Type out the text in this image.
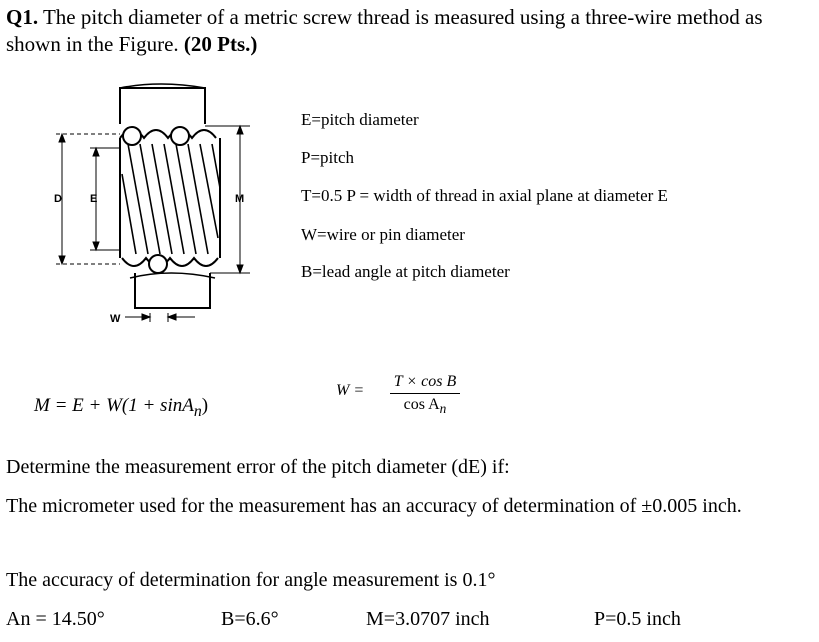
Q1. The pitch diameter of a metric screw thread is measured using a three-wire method as shown in the Figure. (20 Pts.)
D	E	M
W
E=pitch diameter
P=pitch
T=0.5 P = width of thread in axial plane at diameter E
W=wire or pin diameter
B=lead angle at pitch diameter
M = E + W(1 + sinA$_n$)
W =
T × cos B
$\cos A_n$
Determine the measurement error of the pitch diameter (dE) if:
The micrometer used for the measurement has an accuracy of determination of ±0.005 inch.
The accuracy of determination for angle measurement is 0.1°
An = 14.50°	B=6.6°	M=3.0707 inch	P=0.5 inch
